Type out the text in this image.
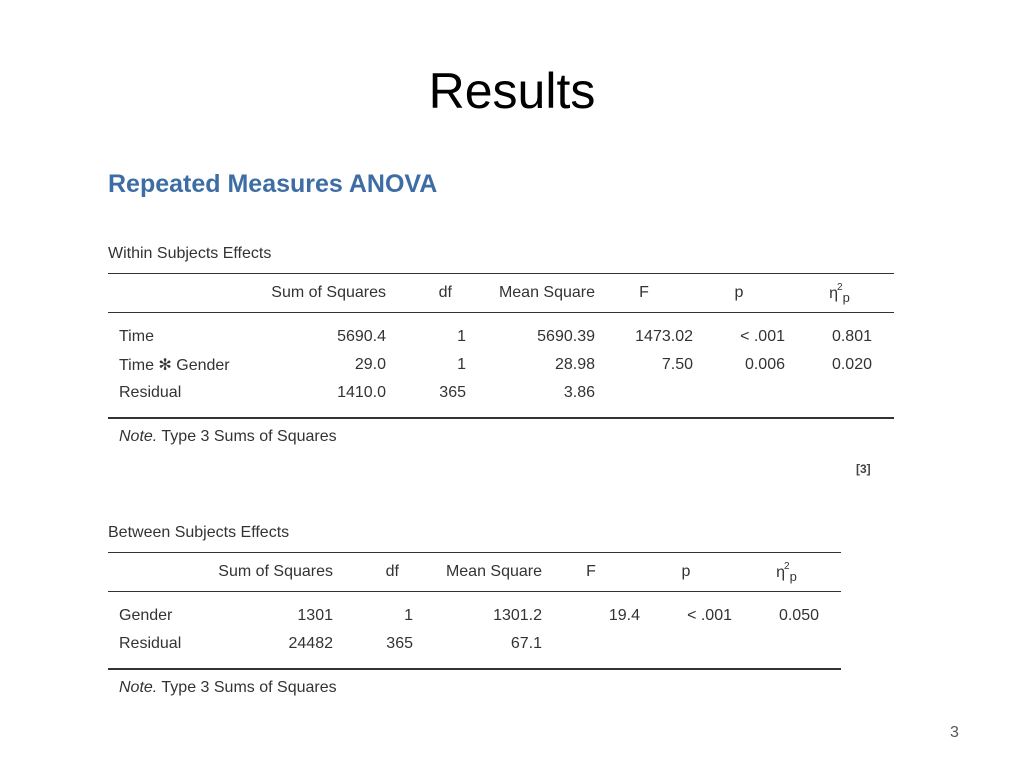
Results
Repeated Measures ANOVA
Within Subjects Effects
	Sum of Squares	df	Mean Square	F	p	$\eta^2_p$
Time	5690.4	1	5690.39	1473.02	< .001	0.801
Time ✻ Gender	29.0	1	28.98	7.50	0.006	0.020
Residual	1410.0	365	3.86			
Note. Type 3 Sums of Squares
[3]
Between Subjects Effects
	Sum of Squares	df	Mean Square	F	p	$\eta^2_p$
Gender	1301	1	1301.2	19.4	< .001	0.050
Residual	24482	365	67.1			
Note. Type 3 Sums of Squares
3
